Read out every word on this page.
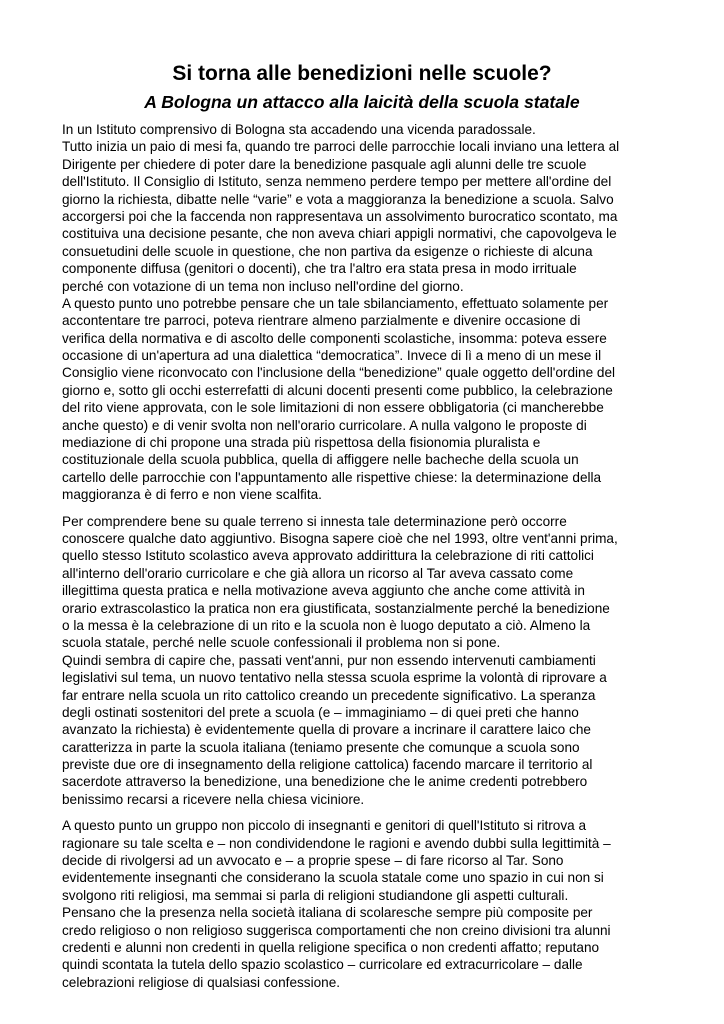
Si torna alle benedizioni nelle scuole?
A Bologna un attacco alla laicità della scuola statale
In un Istituto comprensivo di Bologna sta accadendo una vicenda paradossale.
Tutto inizia un paio di mesi fa, quando tre parroci delle parrocchie locali inviano una lettera al
Dirigente per chiedere di poter dare la benedizione pasquale agli alunni delle tre scuole
dell'Istituto. Il Consiglio di Istituto, senza nemmeno perdere tempo per mettere all'ordine del
giorno la richiesta, dibatte nelle “varie” e vota a maggioranza la benedizione a scuola. Salvo
accorgersi poi che la faccenda non rappresentava un assolvimento burocratico scontato, ma
costituiva una decisione pesante, che non aveva chiari appigli normativi, che capovolgeva le
consuetudini delle scuole in questione, che non partiva da esigenze o richieste di alcuna
componente diffusa (genitori o docenti), che tra l'altro era stata presa in modo irrituale
perché con votazione di un tema non incluso nell'ordine del giorno.
A questo punto uno potrebbe pensare che un tale sbilanciamento, effettuato solamente per
accontentare tre parroci, poteva rientrare almeno parzialmente e divenire occasione di
verifica della normativa e di ascolto delle componenti scolastiche, insomma: poteva essere
occasione di un'apertura ad una dialettica “democratica”. Invece di lì a meno di un mese il
Consiglio viene riconvocato con l'inclusione della “benedizione” quale oggetto dell'ordine del
giorno e, sotto gli occhi esterrefatti di alcuni docenti presenti come pubblico, la celebrazione
del rito viene approvata, con le sole limitazioni di non essere obbligatoria (ci mancherebbe
anche questo) e di venir svolta non nell'orario curricolare. A nulla valgono le proposte di
mediazione di chi propone una strada più rispettosa della fisionomia pluralista e
costituzionale della scuola pubblica, quella di affiggere nelle bacheche della scuola un
cartello delle parrocchie con l'appuntamento alle rispettive chiese: la determinazione della
maggioranza è di ferro e non viene scalfita.
Per comprendere bene su quale terreno si innesta tale determinazione però occorre
conoscere qualche dato aggiuntivo. Bisogna sapere cioè che nel 1993, oltre vent'anni prima,
quello stesso Istituto scolastico aveva approvato addirittura la celebrazione di riti cattolici
all'interno dell'orario curricolare e che già allora un ricorso al Tar aveva cassato come
illegittima questa pratica e nella motivazione aveva aggiunto che anche come attività in
orario extrascolastico la pratica non era giustificata, sostanzialmente perché la benedizione
o la messa è la celebrazione di un rito e la scuola non è luogo deputato a ciò. Almeno la
scuola statale, perché nelle scuole confessionali il problema non si pone.
Quindi sembra di capire che, passati vent'anni, pur non essendo intervenuti cambiamenti
legislativi sul tema, un nuovo tentativo nella stessa scuola esprime la volontà di riprovare a
far entrare nella scuola un rito cattolico creando un precedente significativo. La speranza
degli ostinati sostenitori del prete a scuola (e – immaginiamo – di quei preti che hanno
avanzato la richiesta) è evidentemente quella di provare a incrinare il carattere laico che
caratterizza in parte la scuola italiana (teniamo presente che comunque a scuola sono
previste due ore di insegnamento della religione cattolica) facendo marcare il territorio al
sacerdote attraverso la benedizione, una benedizione che le anime credenti potrebbero
benissimo recarsi a ricevere nella chiesa viciniore.
A questo punto un gruppo non piccolo di insegnanti e genitori di quell'Istituto si ritrova a
ragionare su tale scelta e – non condividendone le ragioni e avendo dubbi sulla legittimità –
decide di rivolgersi ad un avvocato e – a proprie spese – di fare ricorso al Tar. Sono
evidentemente insegnanti che considerano la scuola statale come uno spazio in cui non si
svolgono riti religiosi, ma semmai si parla di religioni studiandone gli aspetti culturali.
Pensano che la presenza nella società italiana di scolaresche sempre più composite per
credo religioso o non religioso suggerisca comportamenti che non creino divisioni tra alunni
credenti e alunni non credenti in quella religione specifica o non credenti affatto; reputano
quindi scontata la tutela dello spazio scolastico – curricolare ed extracurricolare – dalle
celebrazioni religiose di qualsiasi confessione.
